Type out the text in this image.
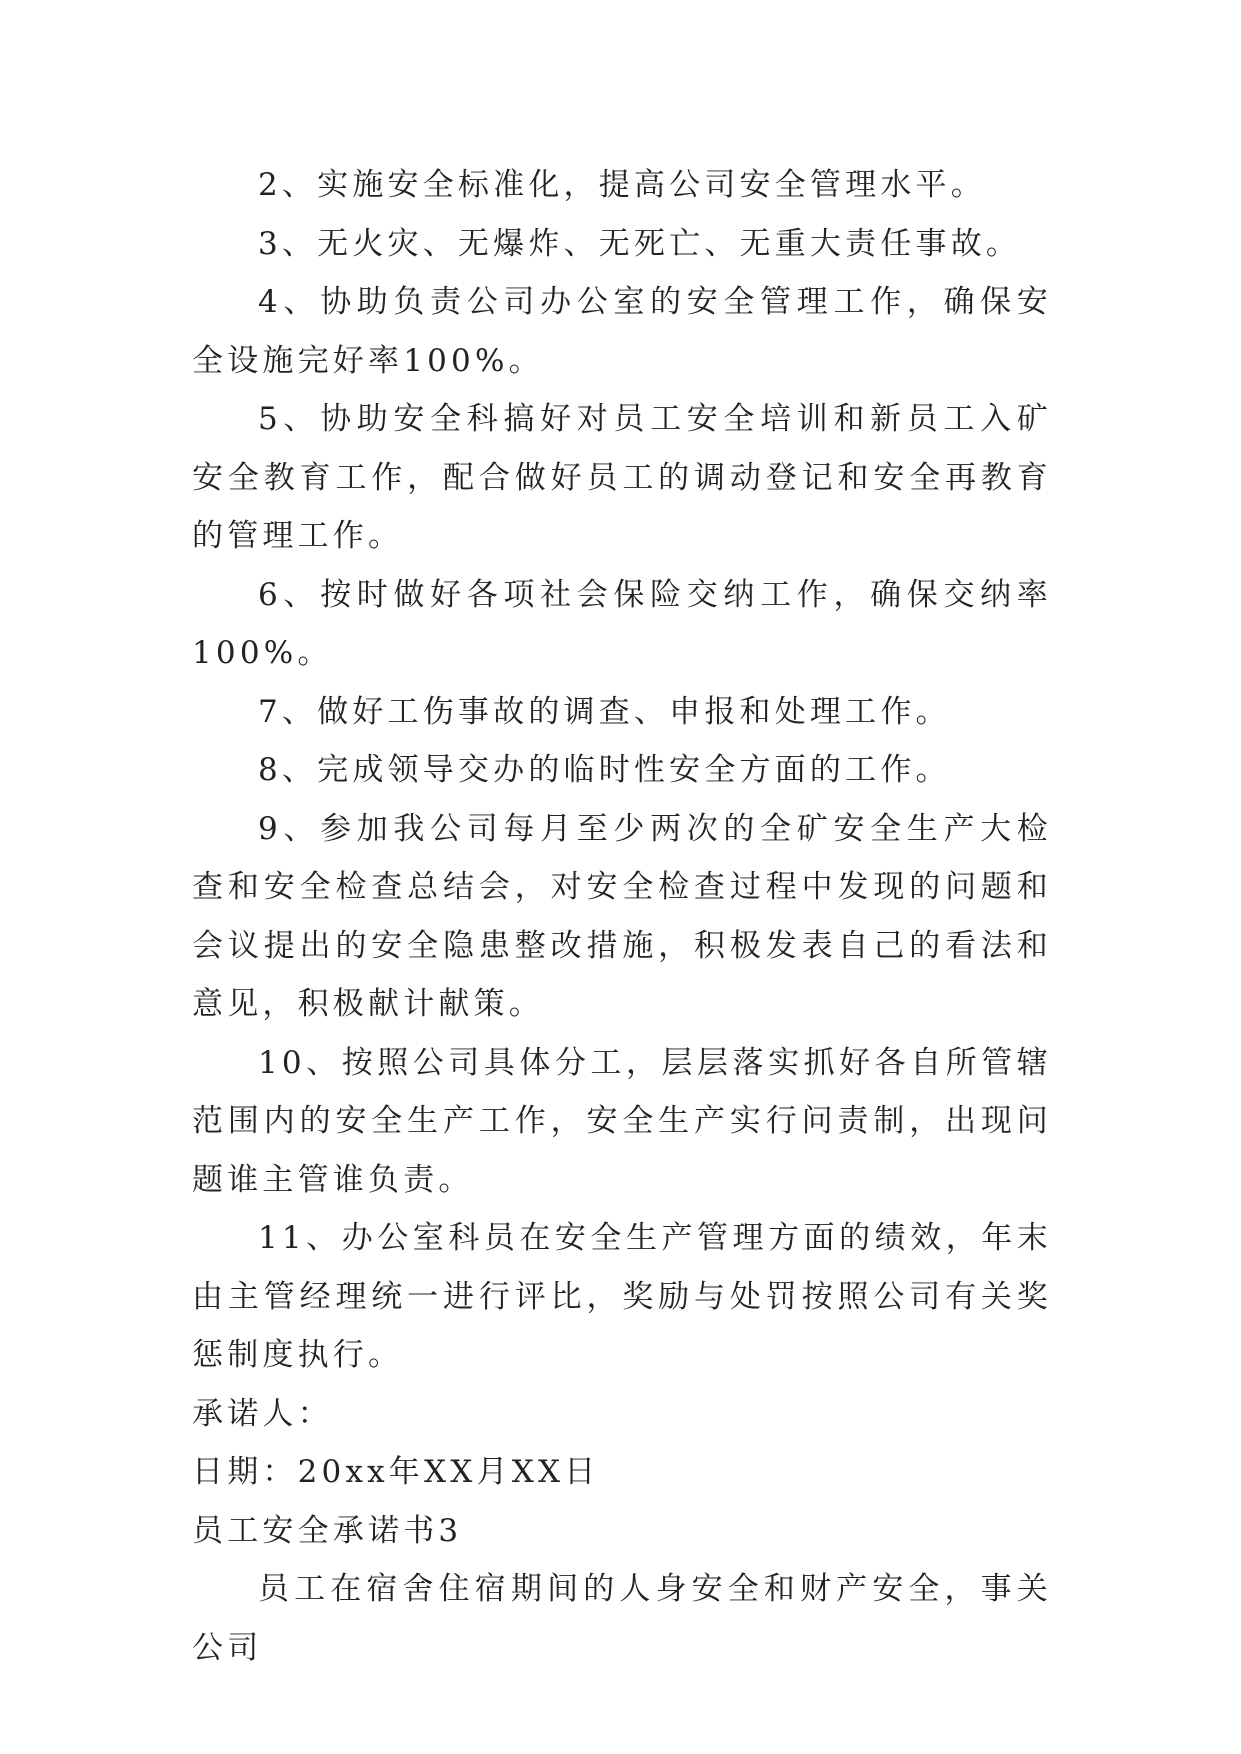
2、实施安全标准化，提高公司安全管理水平。

3、无火灾、无爆炸、无死亡、无重大责任事故。

4、协助负责公司办公室的安全管理工作，确保安全设施完好率100%。

5、协助安全科搞好对员工安全培训和新员工入矿安全教育工作，配合做好员工的调动登记和安全再教育的管理工作。

6、按时做好各项社会保险交纳工作，确保交纳率100%。

7、做好工伤事故的调查、申报和处理工作。

8、完成领导交办的临时性安全方面的工作。

9、参加我公司每月至少两次的全矿安全生产大检查和安全检查总结会，对安全检查过程中发现的问题和会议提出的安全隐患整改措施，积极发表自己的看法和意见，积极献计献策。

10、按照公司具体分工，层层落实抓好各自所管辖范围内的安全生产工作，安全生产实行问责制，出现问题谁主管谁负责。

11、办公室科员在安全生产管理方面的绩效，年末由主管经理统一进行评比，奖励与处罚按照公司有关奖惩制度执行。

承诺人：

日期：20xx年XX月XX日

员工安全承诺书3

员工在宿舍住宿期间的人身安全和财产安全，事关公司
